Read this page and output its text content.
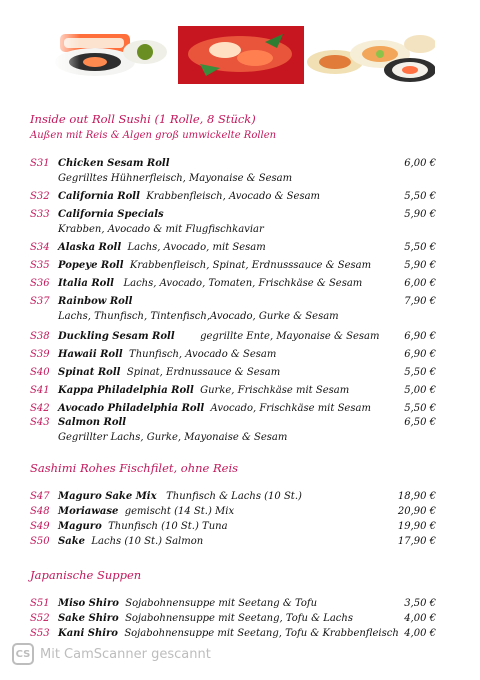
Inside out Roll Sushi (1 Rolle, 8 Stück)
Außen mit Reis & Algen groß umwickelte Rollen
S31 Chicken Sesam Roll	6,00 €
Gegrilltes Hühnerfleisch, Mayonaise & Sesam
S32 California Roll Krabbenfleisch, Avocado & Sesam	5,50 €
S33 California Specials	5,90 €
Krabben, Avocado & mit Flugfischkaviar
S34 Alaska Roll Lachs, Avocado, mit Sesam	5,50 €
S35 Popeye Roll Krabbenfleisch, Spinat, Erdnusssauce & Sesam	5,90 €
S36 Italia Roll Lachs, Avocado, Tomaten, Frischkäse & Sesam	6,00 €
S37 Rainbow Roll	7,90 €
Lachs, Thunfisch, Tintenfisch,Avocado, Gurke & Sesam
S38 Duckling Sesam Roll	gegrillte Ente, Mayonaise & Sesam 6,90 €
S39 Hawaii Roll Thunfisch, Avocado & Sesam	6,90 €
S40 Spinat Roll Spinat, Erdnussauce & Sesam	5,50 €
S41 Kappa Philadelphia Roll Gurke, Frischkäse mit Sesam	5,00 €
S42 Avocado Philadelphia Roll Avocado, Frischkäse mit Sesam	5,50 €
S43 Salmon Roll	6,50 €
Gegrillter Lachs, Gurke, Mayonaise & Sesam
Sashimi Rohes Fischfilet, ohne Reis
S47 Maguro Sake Mix Thunfisch & Lachs (10 St.)	18,90 €
S48 Moriawase gemischt (14 St.) Mix	20,90 €
S49 Maguro Thunfisch (10 St.) Tuna	19,90 €
S50 Sake Lachs (10 St.) Salmon	17,90 €
Japanische Suppen
S51 Miso Shiro Sojabohnensuppe mit Seetang & Tofu	3,50 €
S52 Sake Shiro Sojabohnensuppe mit Seetang, Tofu & Lachs	4,00 €
S53 Kani Shiro Sojabohnensuppe mit Seetang, Tofu & Krabbenfleisch 4,00 €
CS Mit CamScanner gescannt
